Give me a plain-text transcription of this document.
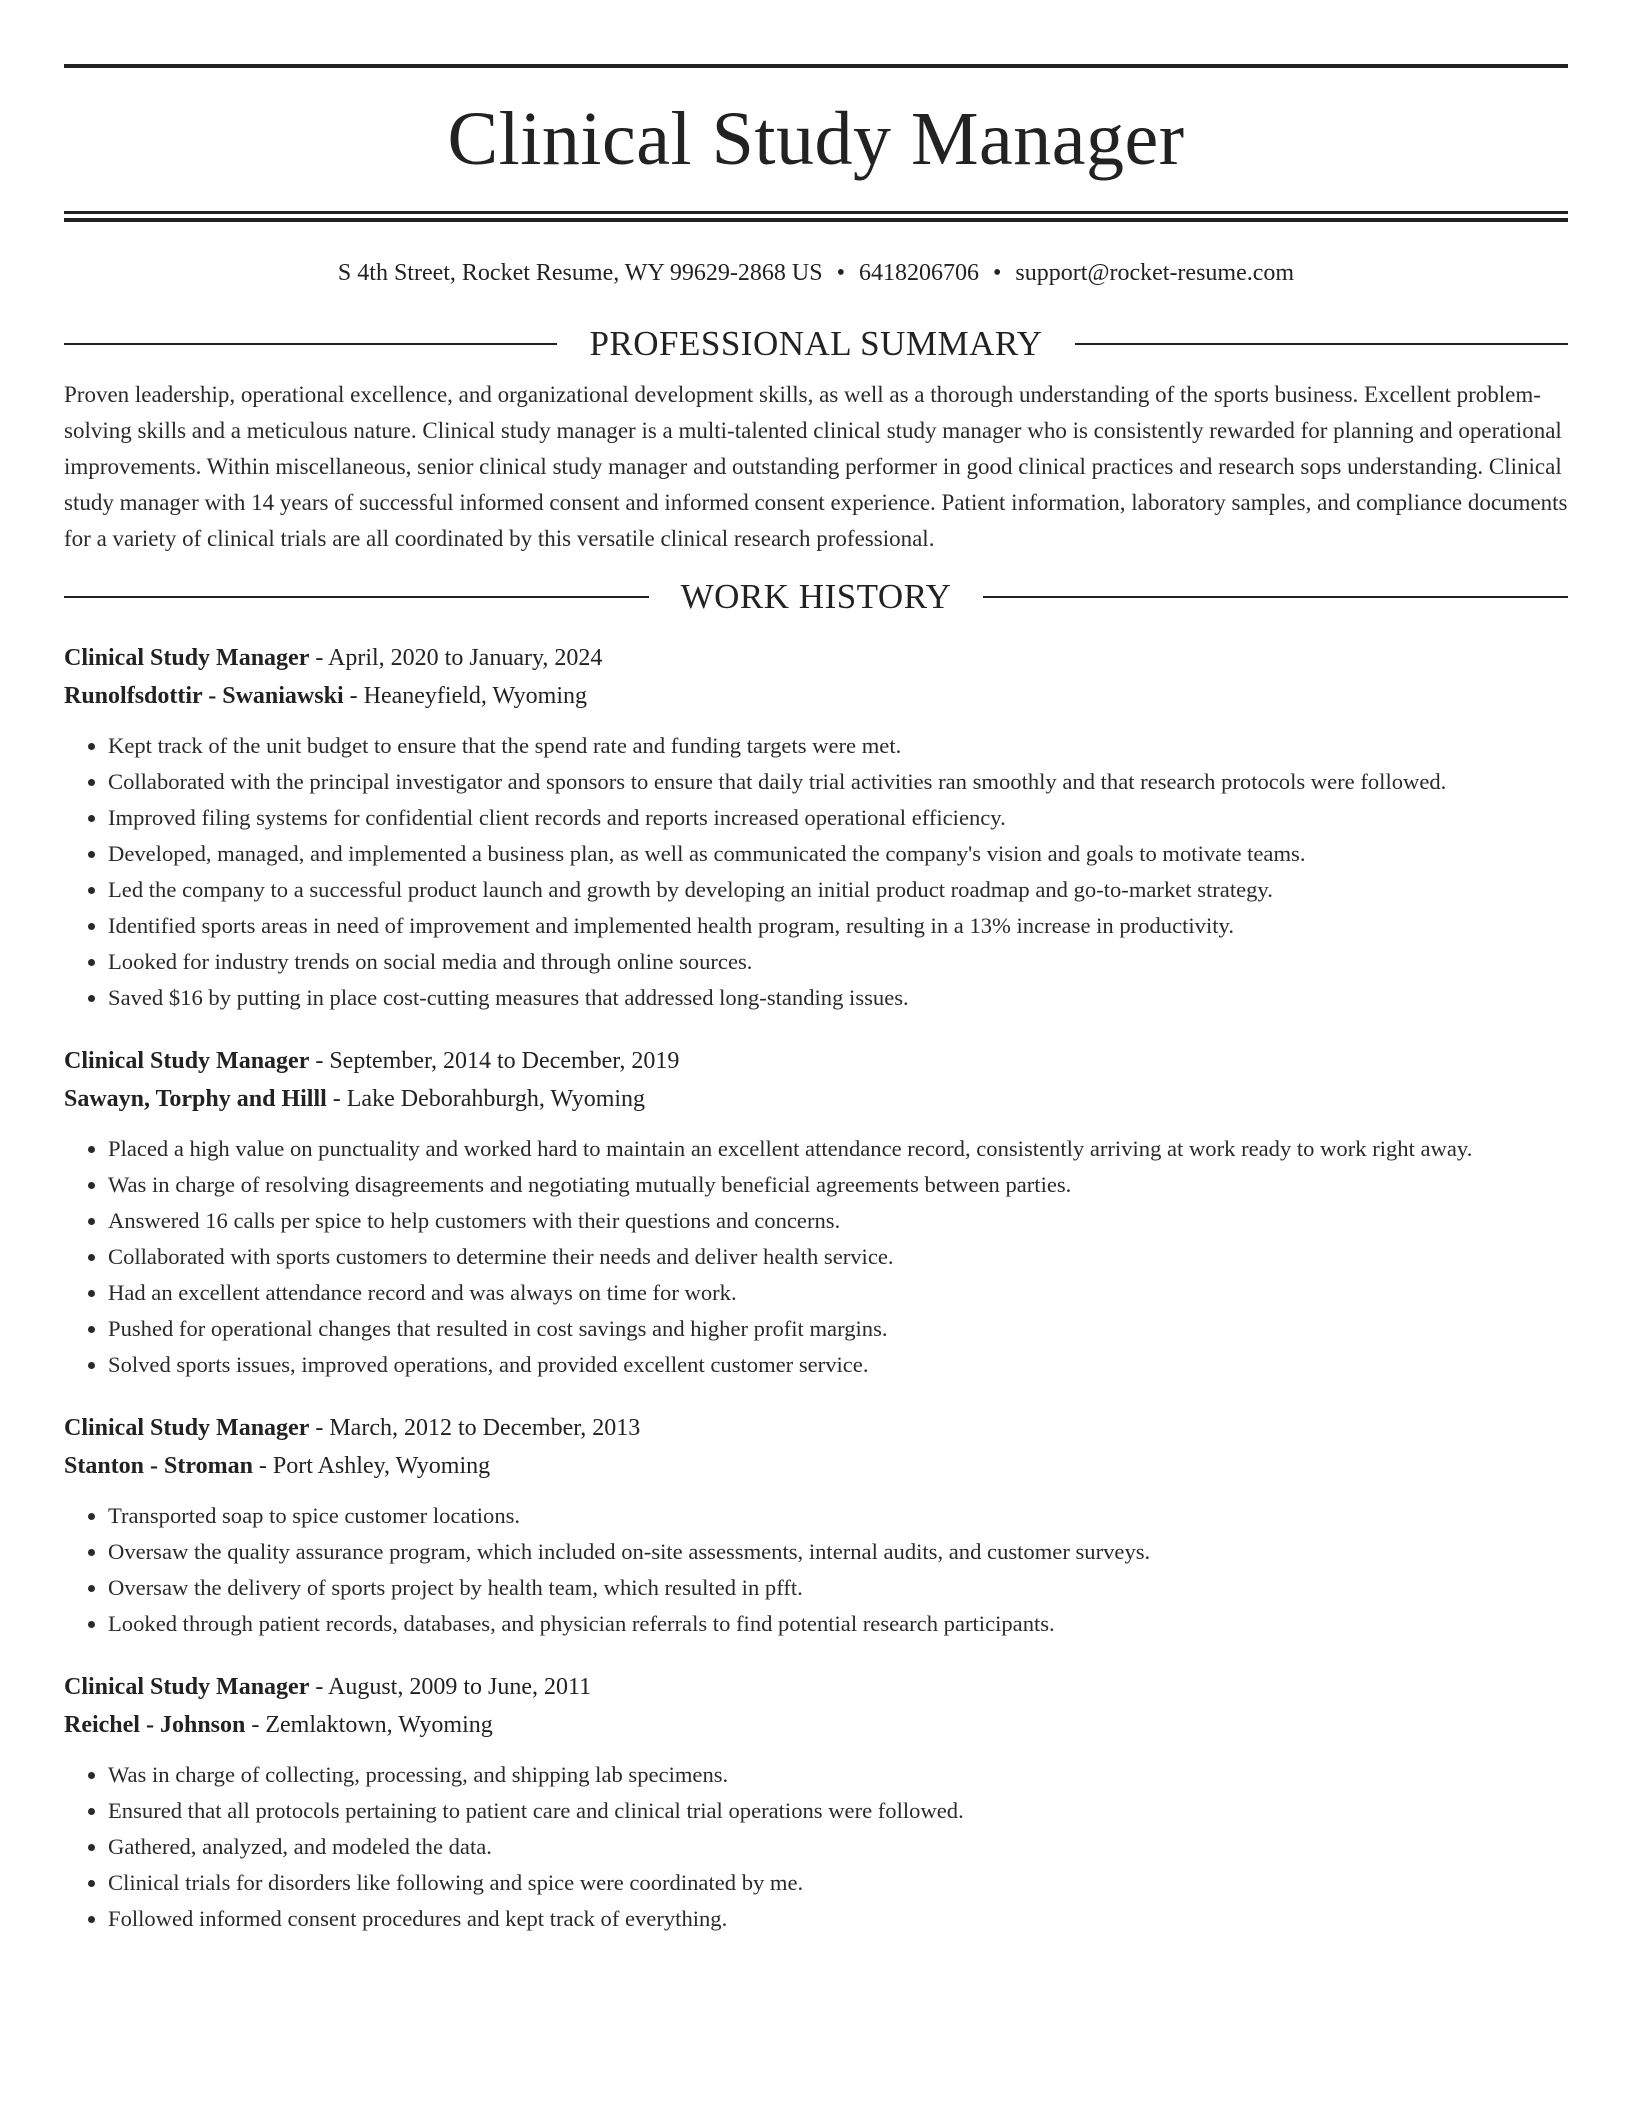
Clinical Study Manager
S 4th Street, Rocket Resume, WY 99629-2868 US • 6418206706 • support@rocket-resume.com
PROFESSIONAL SUMMARY
Proven leadership, operational excellence, and organizational development skills, as well as a thorough understanding of the sports business. Excellent problem-solving skills and a meticulous nature. Clinical study manager is a multi-talented clinical study manager who is consistently rewarded for planning and operational improvements. Within miscellaneous, senior clinical study manager and outstanding performer in good clinical practices and research sops understanding. Clinical study manager with 14 years of successful informed consent and informed consent experience. Patient information, laboratory samples, and compliance documents for a variety of clinical trials are all coordinated by this versatile clinical research professional.
WORK HISTORY
Clinical Study Manager - April, 2020 to January, 2024
Runolfsdottir - Swaniawski - Heaneyfield, Wyoming
• Kept track of the unit budget to ensure that the spend rate and funding targets were met.
• Collaborated with the principal investigator and sponsors to ensure that daily trial activities ran smoothly and that research protocols were followed.
• Improved filing systems for confidential client records and reports increased operational efficiency.
• Developed, managed, and implemented a business plan, as well as communicated the company's vision and goals to motivate teams.
• Led the company to a successful product launch and growth by developing an initial product roadmap and go-to-market strategy.
• Identified sports areas in need of improvement and implemented health program, resulting in a 13% increase in productivity.
• Looked for industry trends on social media and through online sources.
• Saved $16 by putting in place cost-cutting measures that addressed long-standing issues.
Clinical Study Manager - September, 2014 to December, 2019
Sawayn, Torphy and Hilll - Lake Deborahburgh, Wyoming
• Placed a high value on punctuality and worked hard to maintain an excellent attendance record, consistently arriving at work ready to work right away.
• Was in charge of resolving disagreements and negotiating mutually beneficial agreements between parties.
• Answered 16 calls per spice to help customers with their questions and concerns.
• Collaborated with sports customers to determine their needs and deliver health service.
• Had an excellent attendance record and was always on time for work.
• Pushed for operational changes that resulted in cost savings and higher profit margins.
• Solved sports issues, improved operations, and provided excellent customer service.
Clinical Study Manager - March, 2012 to December, 2013
Stanton - Stroman - Port Ashley, Wyoming
• Transported soap to spice customer locations.
• Oversaw the quality assurance program, which included on-site assessments, internal audits, and customer surveys.
• Oversaw the delivery of sports project by health team, which resulted in pfft.
• Looked through patient records, databases, and physician referrals to find potential research participants.
Clinical Study Manager - August, 2009 to June, 2011
Reichel - Johnson - Zemlaktown, Wyoming
• Was in charge of collecting, processing, and shipping lab specimens.
• Ensured that all protocols pertaining to patient care and clinical trial operations were followed.
• Gathered, analyzed, and modeled the data.
• Clinical trials for disorders like following and spice were coordinated by me.
• Followed informed consent procedures and kept track of everything.
